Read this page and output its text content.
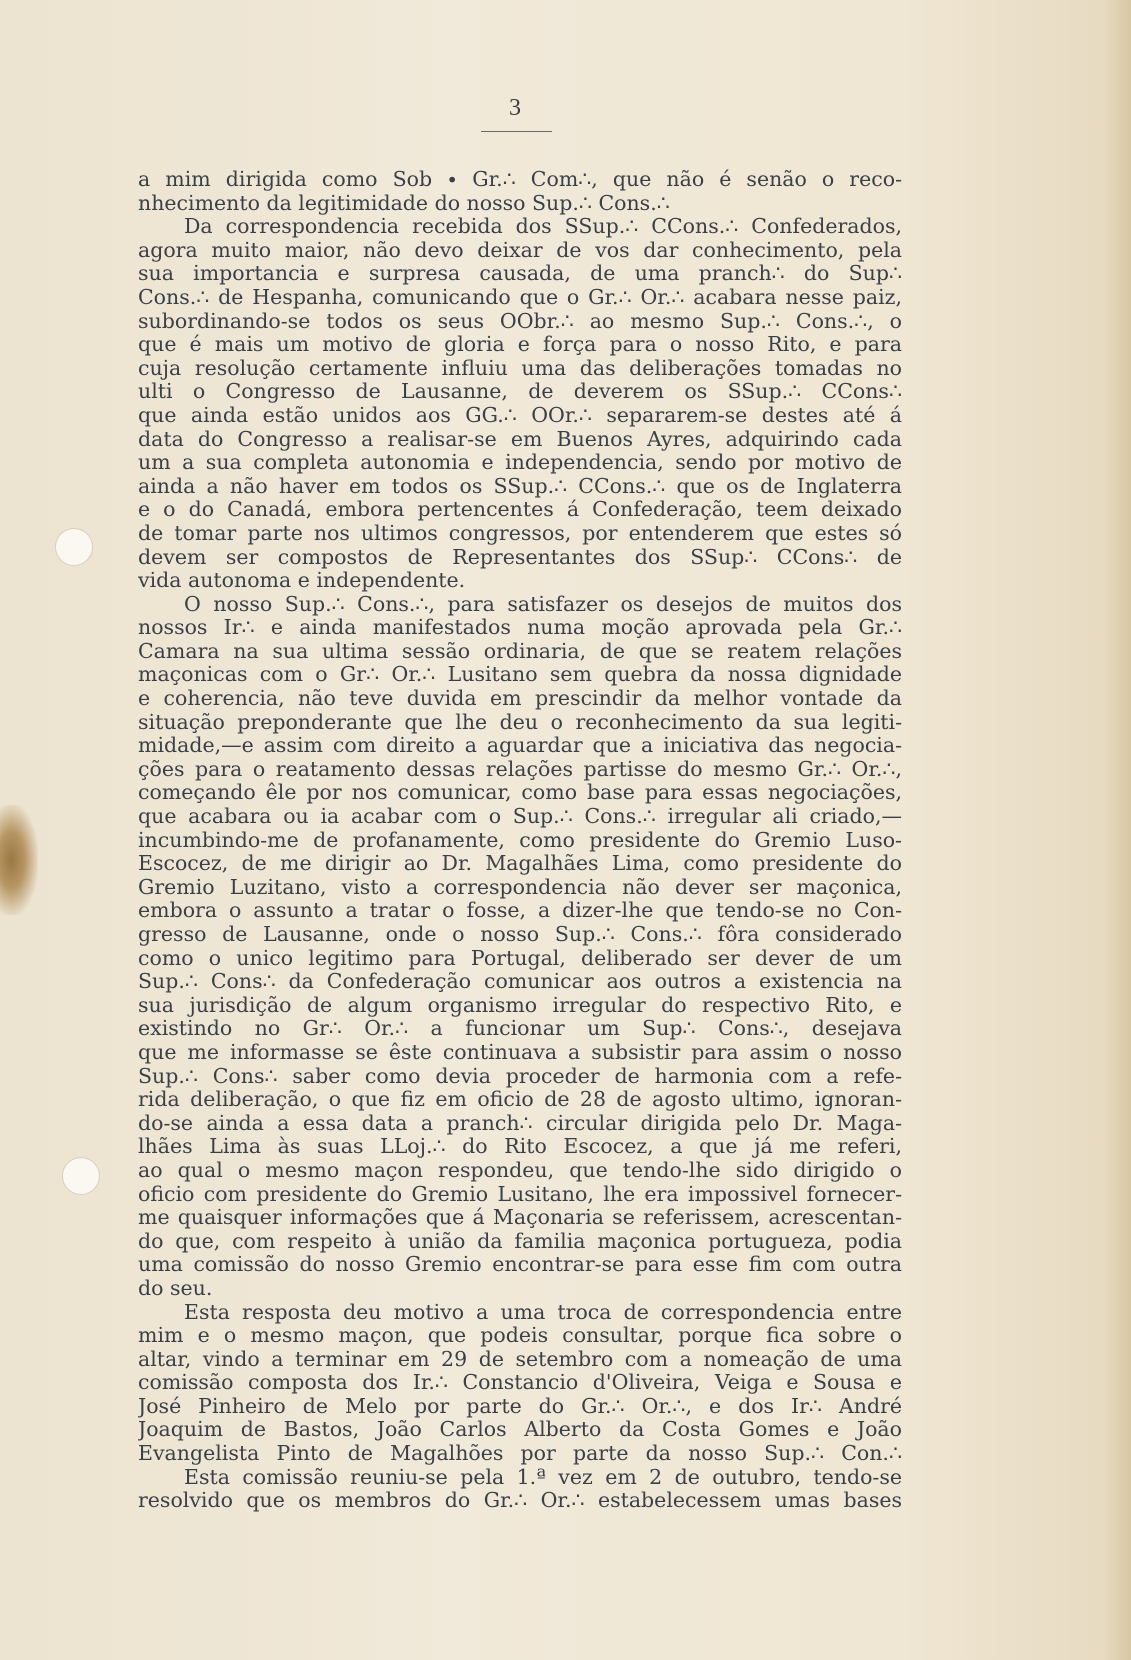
3
a mim dirigida como Sob ∙ Gr.∴ Com∴, que não é senão o reco-
nhecimento da legitimidade do nosso Sup.∴ Cons.∴
Da correspondencia recebida dos SSup.∴ CCons.∴ Confederados,
agora muito maior, não devo deixar de vos dar conhecimento, pela
sua importancia e surpresa causada, de uma pranch∴ do Sup∴
Cons.∴ de Hespanha, comunicando que o Gr.∴ Or.∴ acabara nesse paiz,
subordinando-se todos os seus OObr.∴ ao mesmo Sup.∴ Cons.∴, o
que é mais um motivo de gloria e força para o nosso Rito, e para
cuja resolução certamente influiu uma das deliberações tomadas no
ulti o Congresso de Lausanne, de deverem os SSup.∴ CCons∴
que ainda estão unidos aos GG.∴ OOr.∴ separarem-se destes até á
data do Congresso a realisar-se em Buenos Ayres, adquirindo cada
um a sua completa autonomia e independencia, sendo por motivo de
ainda a não haver em todos os SSup.∴ CCons.∴ que os de Inglaterra
e o do Canadá, embora pertencentes á Confederação, teem deixado
de tomar parte nos ultimos congressos, por entenderem que estes só
devem ser compostos de Representantes dos SSup∴ CCons∴ de
vida autonoma e independente.
O nosso Sup.∴ Cons.∴, para satisfazer os desejos de muitos dos
nossos Ir∴ e ainda manifestados numa moção aprovada pela Gr.∴
Camara na sua ultima sessão ordinaria, de que se reatem relações
maçonicas com o Gr∴ Or.∴ Lusitano sem quebra da nossa dignidade
e coherencia, não teve duvida em prescindir da melhor vontade da
situação preponderante que lhe deu o reconhecimento da sua legiti-
midade,—e assim com direito a aguardar que a iniciativa das negocia-
ções para o reatamento dessas relações partisse do mesmo Gr.∴ Or.∴,
começando êle por nos comunicar, como base para essas negociações,
que acabara ou ia acabar com o Sup.∴ Cons.∴ irregular ali criado,—
incumbindo-me de profanamente, como presidente do Gremio Luso-
Escocez, de me dirigir ao Dr. Magalhães Lima, como presidente do
Gremio Luzitano, visto a correspondencia não dever ser maçonica,
embora o assunto a tratar o fosse, a dizer-lhe que tendo-se no Con-
gresso de Lausanne, onde o nosso Sup.∴ Cons.∴ fôra considerado
como o unico legitimo para Portugal, deliberado ser dever de um
Sup.∴ Cons∴ da Confederação comunicar aos outros a existencia na
sua jurisdição de algum organismo irregular do respectivo Rito, e
existindo no Gr∴ Or.∴ a funcionar um Sup∴ Cons∴, desejava
que me informasse se êste continuava a subsistir para assim o nosso
Sup.∴ Cons∴ saber como devia proceder de harmonia com a refe-
rida deliberação, o que fiz em oficio de 28 de agosto ultimo, ignoran-
do-se ainda a essa data a pranch∴ circular dirigida pelo Dr. Maga-
lhães Lima às suas LLoj.∴ do Rito Escocez, a que já me referi,
ao qual o mesmo maçon respondeu, que tendo-lhe sido dirigido o
oficio com presidente do Gremio Lusitano, lhe era impossivel fornecer-
me quaisquer informações que á Maçonaria se referissem, acrescentan-
do que, com respeito à união da familia maçonica portugueza, podia
uma comissão do nosso Gremio encontrar-se para esse fim com outra
do seu.
Esta resposta deu motivo a uma troca de correspondencia entre
mim e o mesmo maçon, que podeis consultar, porque fica sobre o
altar, vindo a terminar em 29 de setembro com a nomeação de uma
comissão composta dos Ir.∴ Constancio d'Oliveira, Veiga e Sousa e
José Pinheiro de Melo por parte do Gr.∴ Or.∴, e dos Ir∴ André
Joaquim de Bastos, João Carlos Alberto da Costa Gomes e João
Evangelista Pinto de Magalhões por parte da nosso Sup.∴ Con.∴
Esta comissão reuniu-se pela 1.ª vez em 2 de outubro, tendo-se
resolvido que os membros do Gr.∴ Or.∴ estabelecessem umas bases
